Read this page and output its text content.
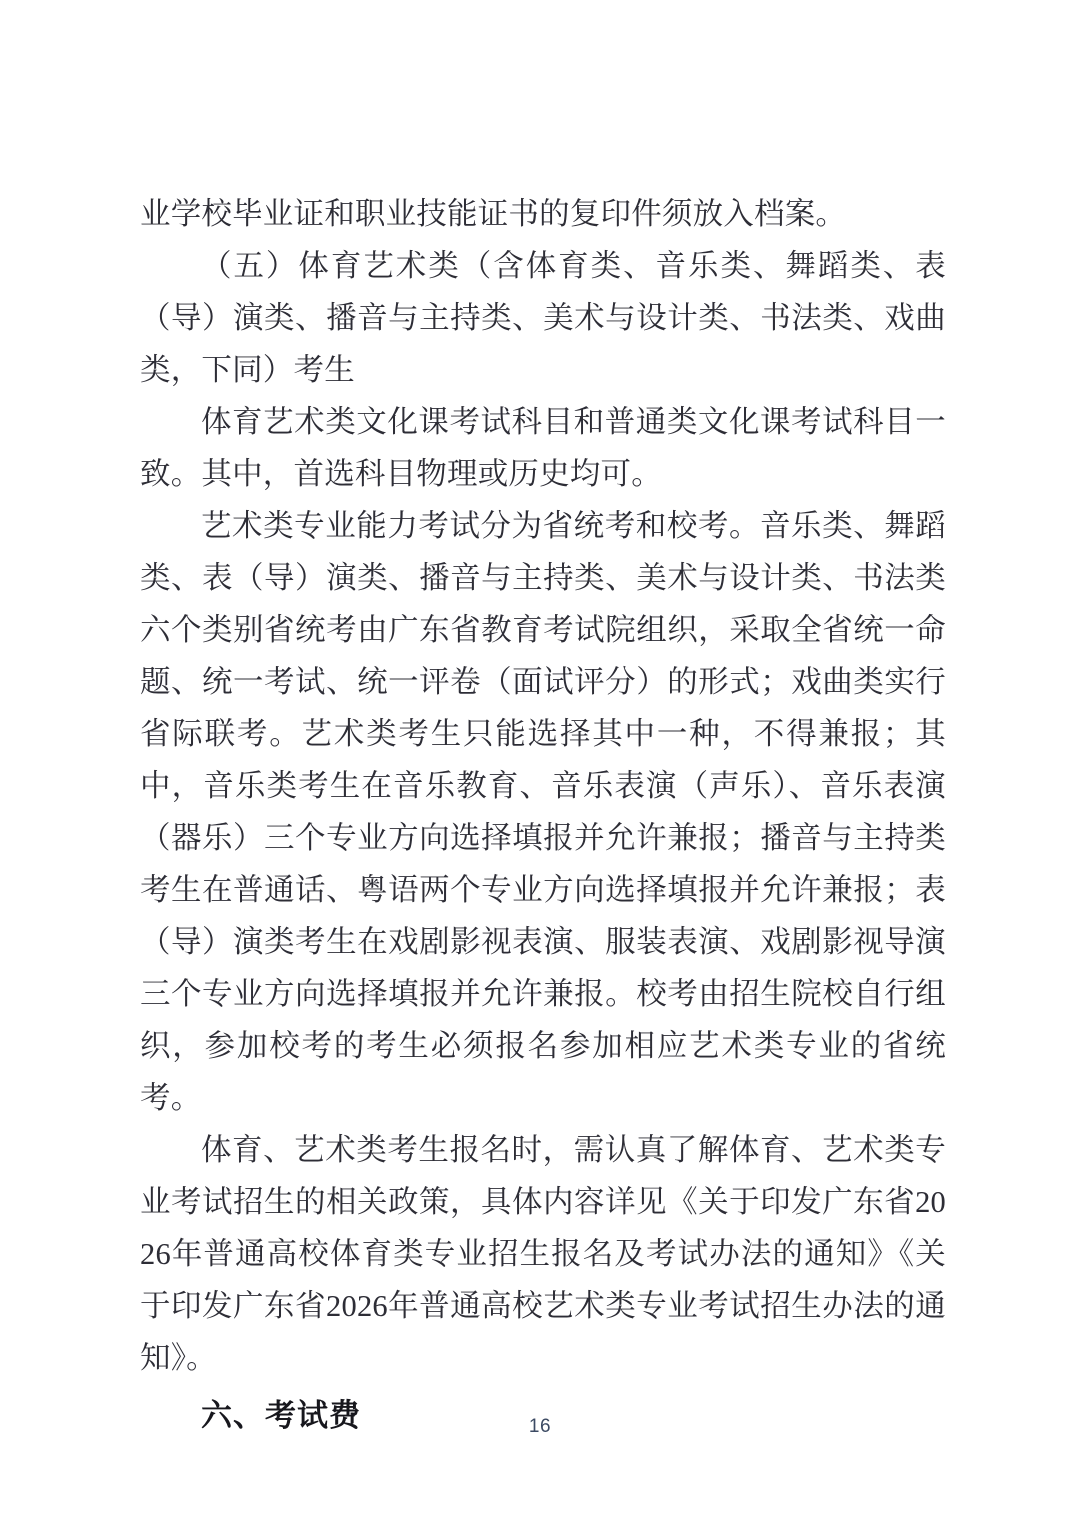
业学校毕业证和职业技能证书的复印件须放入档案。

（五）体育艺术类（含体育类、音乐类、舞蹈类、表（导）演类、播音与主持类、美术与设计类、书法类、戏曲类，下同）考生

体育艺术类文化课考试科目和普通类文化课考试科目一致。其中，首选科目物理或历史均可。

艺术类专业能力考试分为省统考和校考。音乐类、舞蹈类、表（导）演类、播音与主持类、美术与设计类、书法类六个类别省统考由广东省教育考试院组织，采取全省统一命题、统一考试、统一评卷（面试评分）的形式；戏曲类实行省际联考。艺术类考生只能选择其中一种，不得兼报；其中，音乐类考生在音乐教育、音乐表演（声乐）、音乐表演（器乐）三个专业方向选择填报并允许兼报；播音与主持类考生在普通话、粤语两个专业方向选择填报并允许兼报；表（导）演类考生在戏剧影视表演、服装表演、戏剧影视导演三个专业方向选择填报并允许兼报。校考由招生院校自行组织，参加校考的考生必须报名参加相应艺术类专业的省统考。

体育、艺术类考生报名时，需认真了解体育、艺术类专业考试招生的相关政策，具体内容详见《关于印发广东省2026年普通高校体育类专业招生报名及考试办法的通知》《关于印发广东省2026年普通高校艺术类专业考试招生办法的通知》。

六、考试费	16
